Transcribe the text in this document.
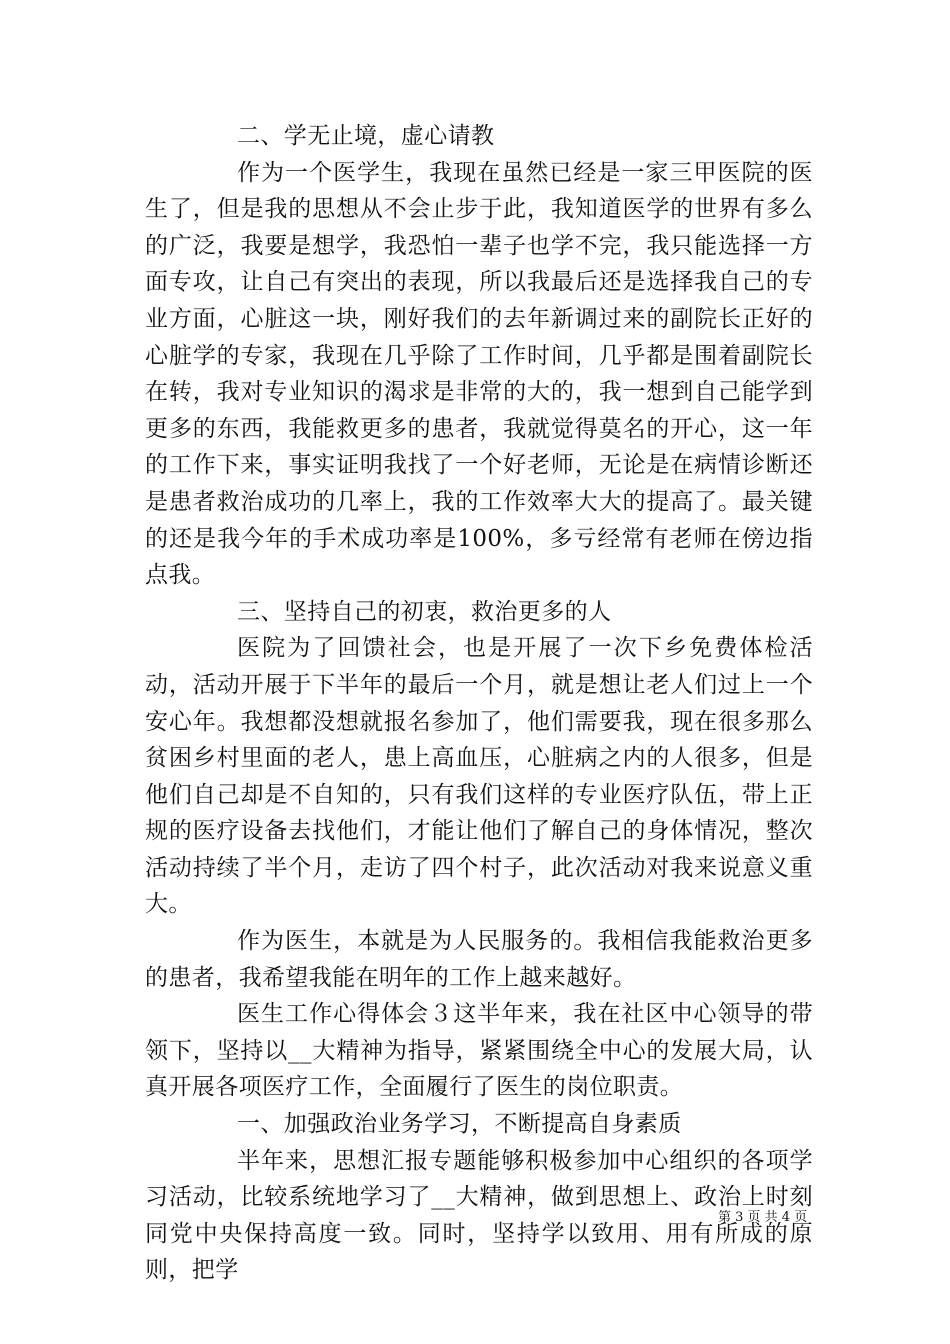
二、学无止境，虚心请教

作为一个医学生，我现在虽然已经是一家三甲医院的医生了，但是我的思想从不会止步于此，我知道医学的世界有多么的广泛，我要是想学，我恐怕一辈子也学不完，我只能选择一方面专攻，让自己有突出的表现，所以我最后还是选择我自己的专业方面，心脏这一块，刚好我们的去年新调过来的副院长正好的心脏学的专家，我现在几乎除了工作时间，几乎都是围着副院长在转，我对专业知识的渴求是非常的大的，我一想到自己能学到更多的东西，我能救更多的患者，我就觉得莫名的开心，这一年的工作下来，事实证明我找了一个好老师，无论是在病情诊断还是患者救治成功的几率上，我的工作效率大大的提高了。最关键的还是我今年的手术成功率是100%，多亏经常有老师在傍边指点我。

三、坚持自己的初衷，救治更多的人

医院为了回馈社会，也是开展了一次下乡免费体检活动，活动开展于下半年的最后一个月，就是想让老人们过上一个安心年。我想都没想就报名参加了，他们需要我，现在很多那么贫困乡村里面的老人，患上高血压，心脏病之内的人很多，但是他们自己却是不自知的，只有我们这样的专业医疗队伍，带上正规的医疗设备去找他们，才能让他们了解自己的身体情况，整次活动持续了半个月，走访了四个村子，此次活动对我来说意义重大。

作为医生，本就是为人民服务的。我相信我能救治更多的患者，我希望我能在明年的工作上越来越好。

医生工作心得体会３这半年来，我在社区中心领导的带领下，坚持以__大精神为指导，紧紧围绕全中心的发展大局，认真开展各项医疗工作，全面履行了医生的岗位职责。

一、加强政治业务学习，不断提高自身素质

半年来，思想汇报专题能够积极参加中心组织的各项学习活动，比较系统地学习了__大精神，做到思想上、政治上时刻同党中央保持高度一致。同时，坚持学以致用、用有所成的原则，把学

第 3 页 共 4 页
